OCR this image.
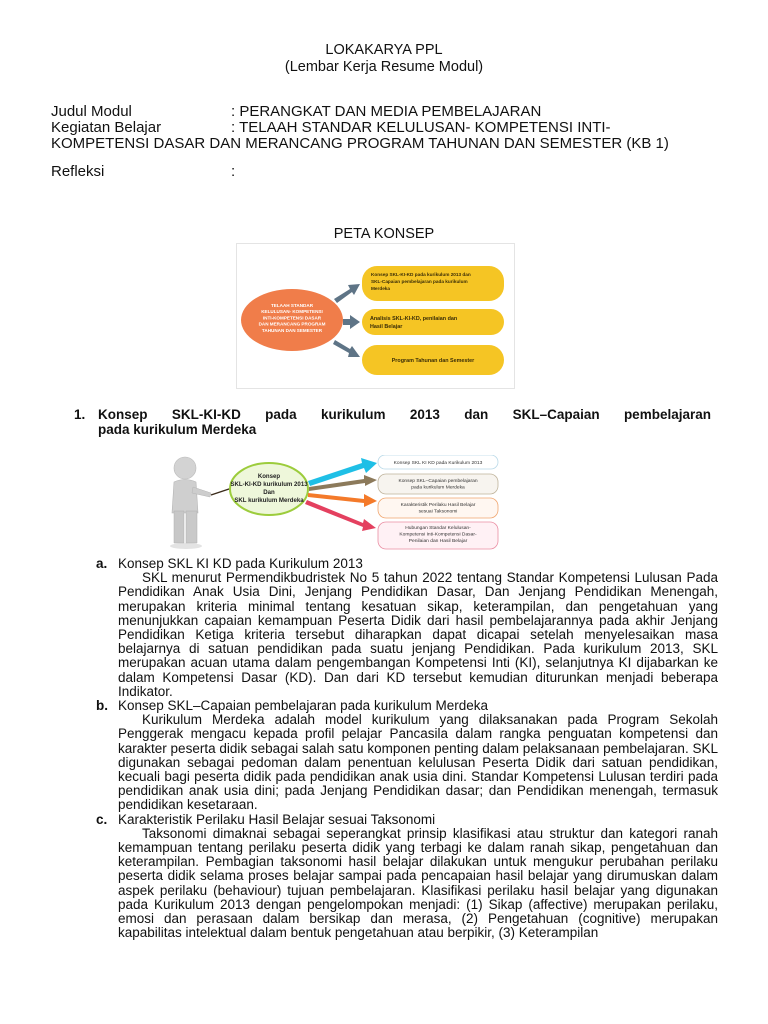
LOKAKARYA PPL
(Lembar Kerja Resume Modul)
Judul Modul	: PERANGKAT DAN MEDIA PEMBELAJARAN
Kegiatan Belajar	: TELAAH STANDAR KELULUSAN- KOMPETENSI INTI-

KOMPETENSI DASAR DAN MERANCANG PROGRAM TAHUNAN DAN SEMESTER (KB 1)

Refleksi	:
PETA KONSEP
TELAAH STANDAR KELULUSAN- KOMPETENSI INTI-KOMPETENSI DASAR DAN MERANCANG PROGRAM TAHUNAN DAN SEMESTER
Konsep SKL-KI-KD pada kurikulum 2013 dan SKL-Capaian pembelajaran pada kurikulum Merdeka
Analisis SKL-KI-KD, penilaian dan Hasil Belajar
Program Tahunan dan Semester
1. Konsep SKL-KI-KD pada kurikulum 2013 dan SKL–Capaian pembelajaran
pada kurikulum Merdeka
Konsep SKL-KI-KD kurikulum 2013 Dan SKL kurikulum Merdeka
Konsep SKL KI KD pada Kurikulum 2013
Konsep SKL–Capaian pembelajaran pada kurikulum Merdeka
Karakteristik Perilaku Hasil Belajar sesuai Taksonomi
Hubungan Standar Kelulusan-Kompetensi Inti-Kompetensi Dasar-Penilaian dan Hasil Belajar
a. Konsep SKL KI KD pada Kurikulum 2013

SKL menurut Permendikbudristek No 5 tahun 2022 tentang Standar Kompetensi Lulusan Pada Pendidikan Anak Usia Dini, Jenjang Pendidikan Dasar, Dan Jenjang Pendidikan Menengah, merupakan kriteria minimal tentang kesatuan sikap, keterampilan, dan pengetahuan yang menunjukkan capaian kemampuan Peserta Didik dari hasil pembelajarannya pada akhir Jenjang Pendidikan Ketiga kriteria tersebut diharapkan dapat dicapai setelah menyelesaikan masa belajarnya di satuan pendidikan pada suatu jenjang Pendidikan. Pada kurikulum 2013, SKL merupakan acuan utama dalam pengembangan Kompetensi Inti (KI), selanjutnya KI dijabarkan ke dalam Kompetensi Dasar (KD). Dan dari KD tersebut kemudian diturunkan menjadi beberapa Indikator.

b. Konsep SKL–Capaian pembelajaran pada kurikulum Merdeka

Kurikulum Merdeka adalah model kurikulum yang dilaksanakan pada Program Sekolah Penggerak mengacu kepada profil pelajar Pancasila dalam rangka penguatan kompetensi dan karakter peserta didik sebagai salah satu komponen penting dalam pelaksanaan pembelajaran. SKL digunakan sebagai pedoman dalam penentuan kelulusan Peserta Didik dari satuan pendidikan, kecuali bagi peserta didik pada pendidikan anak usia dini. Standar Kompetensi Lulusan terdiri pada pendidikan anak usia dini; pada Jenjang Pendidikan dasar; dan Pendidikan menengah, termasuk pendidikan kesetaraan.

c. Karakteristik Perilaku Hasil Belajar sesuai Taksonomi

Taksonomi dimaknai sebagai seperangkat prinsip klasifikasi atau struktur dan kategori ranah kemampuan tentang perilaku peserta didik yang terbagi ke dalam ranah sikap, pengetahuan dan keterampilan. Pembagian taksonomi hasil belajar dilakukan untuk mengukur perubahan perilaku peserta didik selama proses belajar sampai pada pencapaian hasil belajar yang dirumuskan dalam aspek perilaku (behaviour) tujuan pembelajaran. Klasifikasi perilaku hasil belajar yang digunakan pada Kurikulum 2013 dengan pengelompokan menjadi: (1) Sikap (affective) merupakan perilaku, emosi dan perasaan dalam bersikap dan merasa, (2) Pengetahuan (cognitive) merupakan kapabilitas intelektual dalam bentuk pengetahuan atau berpikir, (3) Keterampilan
